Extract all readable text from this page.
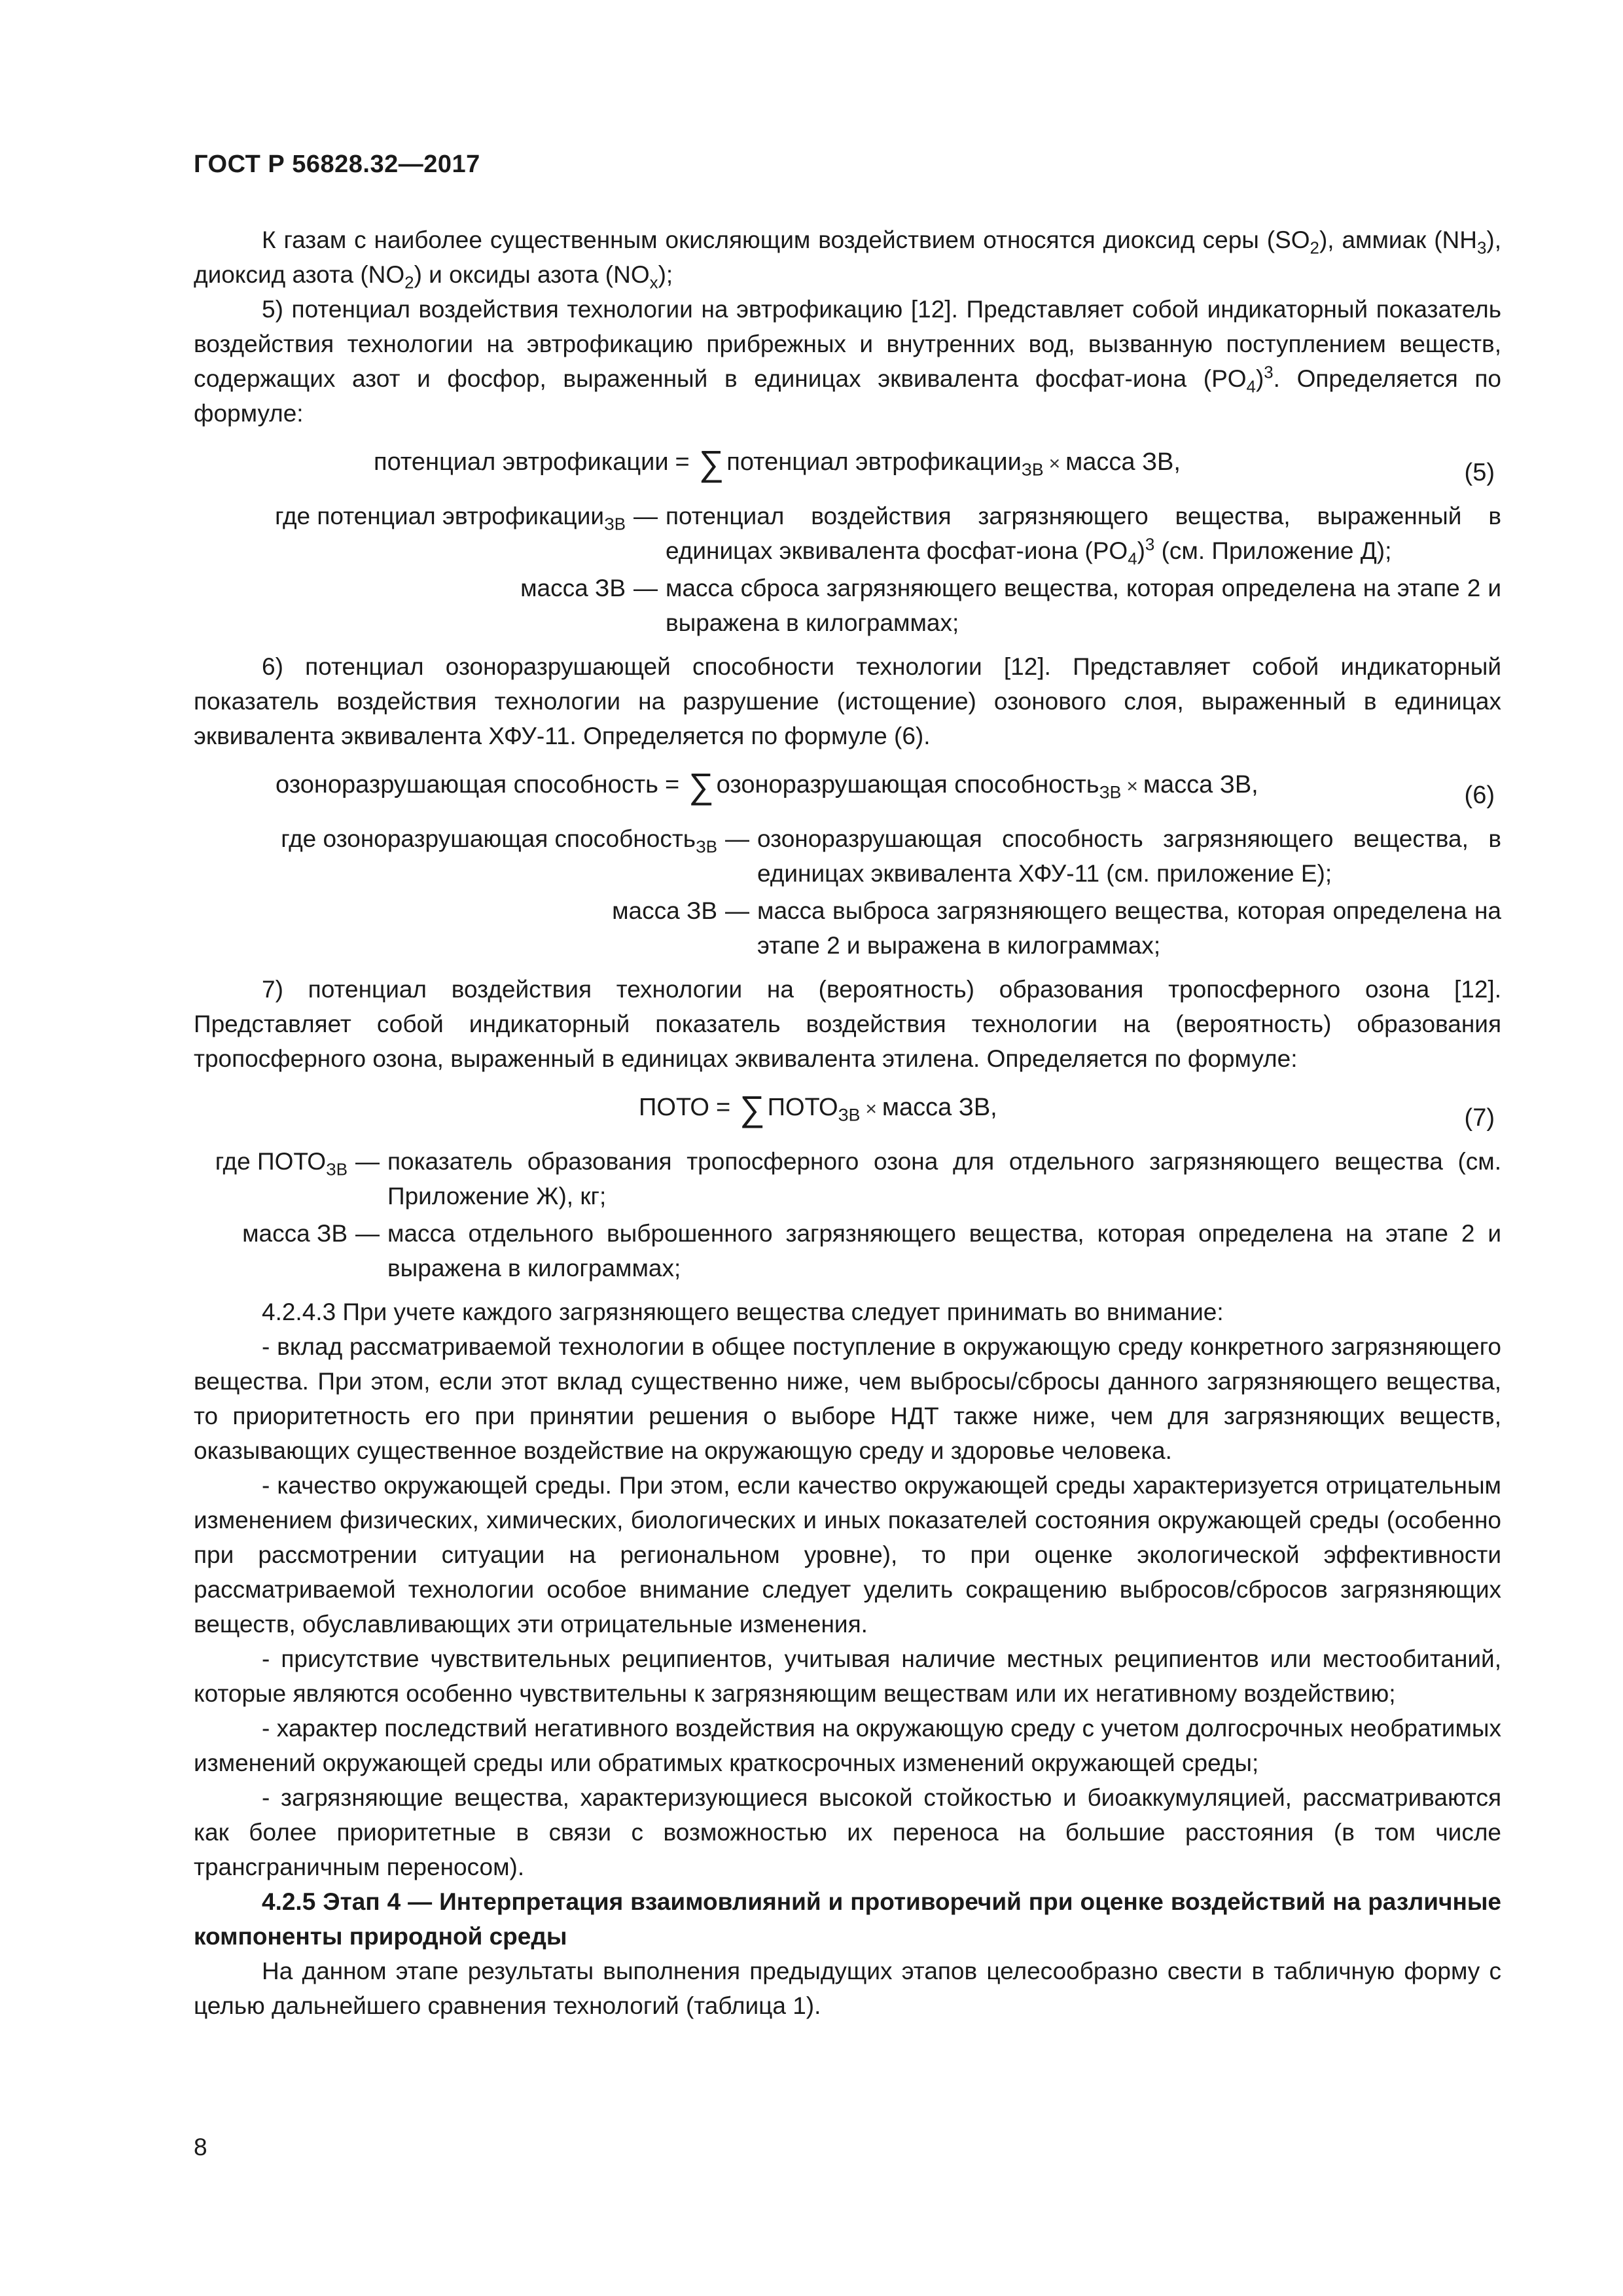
ГОСТ Р 56828.32—2017

К газам с наиболее существенным окисляющим воздействием относятся диоксид серы $(SO_2)$, аммиак $(NH_3)$, диоксид азота $(NO_2)$ и оксиды азота $(NO_x)$;

5) потенциал воздействия технологии на эвтрофикацию [12]. Представляет собой индикаторный показатель воздействия технологии на эвтрофикацию прибрежных и внутренних вод, вызванную поступлением веществ, содержащих азот и фосфор, выраженный в единицах эквивалента фосфат-иона $(PO_4)^3$. Определяется по формуле:

потенциал эвтрофикации = ∑ потенциал эвтрофикации$_{ЗВ}$ × масса ЗВ,	(5)
где потенциал эвтрофикации$_{ЗВ}$ — потенциал воздействия загрязняющего вещества, выраженный в единицах эквивалента фосфат-иона $(PO_4)^3$ (см. Приложение Д);
масса ЗВ — масса сброса загрязняющего вещества, которая определена на этапе 2 и выражена в килограммах;

6) потенциал озоноразрушающей способности технологии [12]. Представляет собой индикаторный показатель воздействия технологии на разрушение (истощение) озонового слоя, выраженный в единицах эквивалента эквивалента ХФУ-11. Определяется по формуле (6).

озоноразрушающая способность = ∑ озоноразрушающая способность$_{ЗВ}$ × масса ЗВ,	(6)
где озоноразрушающая способность$_{ЗВ}$ — озоноразрушающая способность загрязняющего вещества, в единицах эквивалента ХФУ-11 (см. приложение Е);
масса ЗВ — масса выброса загрязняющего вещества, которая определена на этапе 2 и выражена в килограммах;

7) потенциал воздействия технологии на (вероятность) образования тропосферного озона [12]. Представляет собой индикаторный показатель воздействия технологии на (вероятность) образования тропосферного озона, выраженный в единицах эквивалента этилена. Определяется по формуле:

ПОТО = ∑ $ПОТО_{ЗВ}$ × масса ЗВ,	(7)
где $ПОТО_{ЗВ}$ — показатель образования тропосферного озона для отдельного загрязняющего вещества (см. Приложение Ж), кг;
масса ЗВ — масса отдельного выброшенного загрязняющего вещества, которая определена на этапе 2 и выражена в килограммах;

4.2.4.3 При учете каждого загрязняющего вещества следует принимать во внимание:

- вклад рассматриваемой технологии в общее поступление в окружающую среду конкретного загрязняющего вещества. При этом, если этот вклад существенно ниже, чем выбросы/сбросы данного загрязняющего вещества, то приоритетность его при принятии решения о выборе НДТ также ниже, чем для загрязняющих веществ, оказывающих существенное воздействие на окружающую среду и здоровье человека.

- качество окружающей среды. При этом, если качество окружающей среды характеризуется отрицательным изменением физических, химических, биологических и иных показателей состояния окружающей среды (особенно при рассмотрении ситуации на региональном уровне), то при оценке экологической эффективности рассматриваемой технологии особое внимание следует уделить сокращению выбросов/сбросов загрязняющих веществ, обуславливающих эти отрицательные изменения.

- присутствие чувствительных реципиентов, учитывая наличие местных реципиентов или местообитаний, которые являются особенно чувствительны к загрязняющим веществам или их негативному воздействию;

- характер последствий негативного воздействия на окружающую среду с учетом долгосрочных необратимых изменений окружающей среды или обратимых краткосрочных изменений окружающей среды;

- загрязняющие вещества, характеризующиеся высокой стойкостью и биоаккумуляцией, рассматриваются как более приоритетные в связи с возможностью их переноса на большие расстояния (в том числе трансграничным переносом).

4.2.5 Этап 4 — Интерпретация взаимовлияний и противоречий при оценке воздействий на различные компоненты природной среды

На данном этапе результаты выполнения предыдущих этапов целесообразно свести в табличную форму с целью дальнейшего сравнения технологий (таблица 1).

8
